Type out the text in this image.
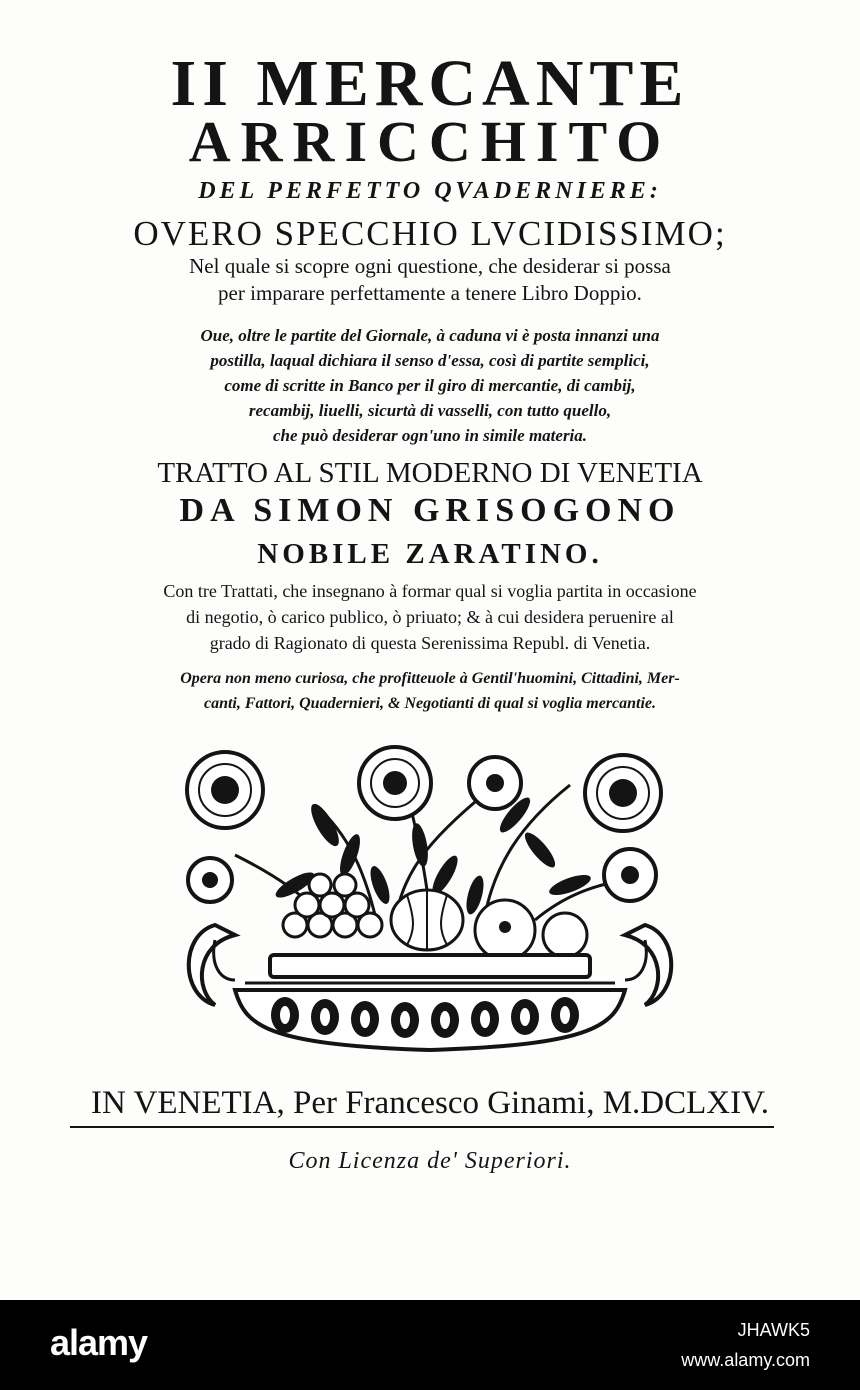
II MERCANTE

ARRICCHITO

DEL PERFETTO QVADERNIERE:

OVERO SPECCHIO LVCIDISSIMO;

Nel quale si scopre ogni questione, che desiderar si possa

per imparare perfettamente a tenere Libro Doppio.

Oue, oltre le partite del Giornale, à caduna vi è posta innanzi una

postilla, laqual dichiara il senso d'essa, così di partite semplici,

come di scritte in Banco per il giro di mercantie, di cambij,

recambij, liuelli, sicurtà di vasselli, con tutto quello,

che può desiderar ogn'uno in simile materia.

TRATTO AL STIL MODERNO DI VENETIA

DA SIMON GRISOGONO

NOBILE ZARATINO.

Con tre Trattati, che insegnano à formar qual si voglia partita in occasione

di negotio, ò carico publico, ò priuato; & à cui desidera peruenire al

grado di Ragionato di questa Serenissima Republ. di Venetia.

Opera non meno curiosa, che profitteuole à Gentil'huomini, Cittadini, Mer-

canti, Fattori, Quadernieri, & Negotianti di qual si voglia mercantie.

IN VENETIA, Per Francesco Ginami, M.DCLXIV.

Con Licenza de' Superiori.

alamy	JHAWK5
www.alamy.com
